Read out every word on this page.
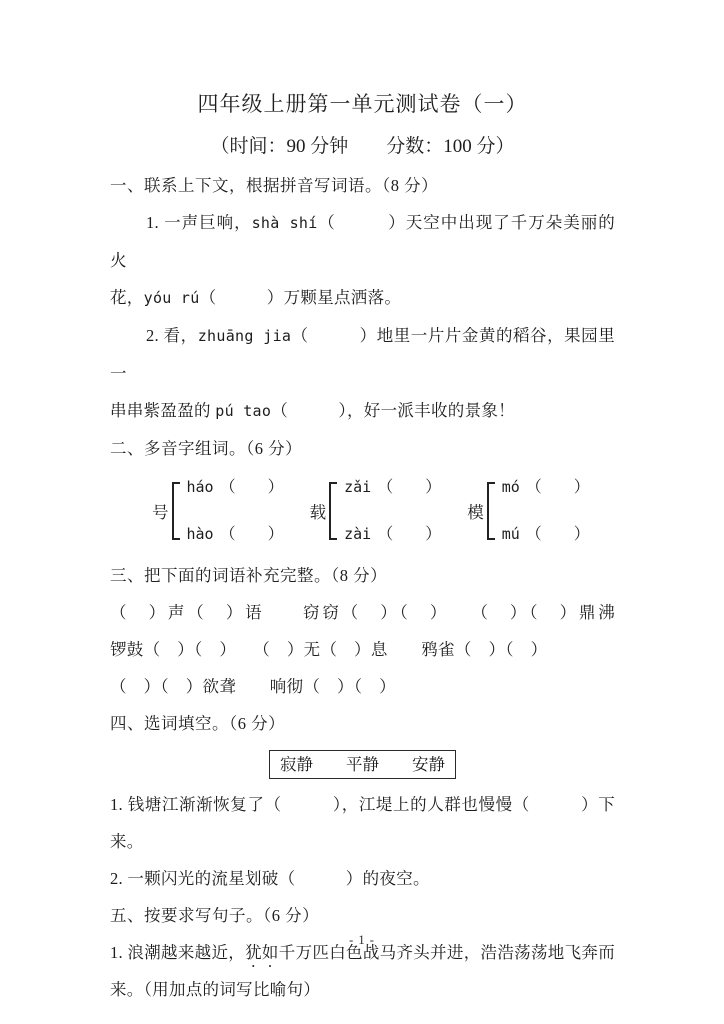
四年级上册第一单元测试卷（一）
（时间：90 分钟　　分数：100 分）
一、联系上下文，根据拼音写词语。（8 分）
1. 一声巨响，shà shí（　　　）天空中出现了千万朵美丽的火
花，yóu rú（　　　）万颗星点洒落。
2. 看，zhuāng jia（　　　）地里一片片金黄的稻谷，果园里一
串串紫盈盈的 pú tao（　　　），好一派丰收的景象！
二、多音字组词。（6 分）
号
háo （　　）
hào （　　）
载
zǎi （　　）
zài （　　）
模
mó （　　）
mú （　　）
三、把下面的词语补充完整。（8 分）
（　）声（　）语　　窃窃（　）（　）　　（　）（　）鼎沸
锣鼓（　）（　）　　（　）无（　）息　　鸦雀（　）（　）
（　）（　）欲聋　　响彻（　）（　）
四、选词填空。（6 分）
寂静　　平静　　安静
1. 钱塘江渐渐恢复了（　　　），江堤上的人群也慢慢（　　　）下
来。
2. 一颗闪光的流星划破（　　　）的夜空。
五、按要求写句子。（6 分）
1. 浪潮越来越近，犹如千万匹白色战马齐头并进，浩浩荡荡地飞奔而
来。（用加点的词写比喻句）
- 1 -
